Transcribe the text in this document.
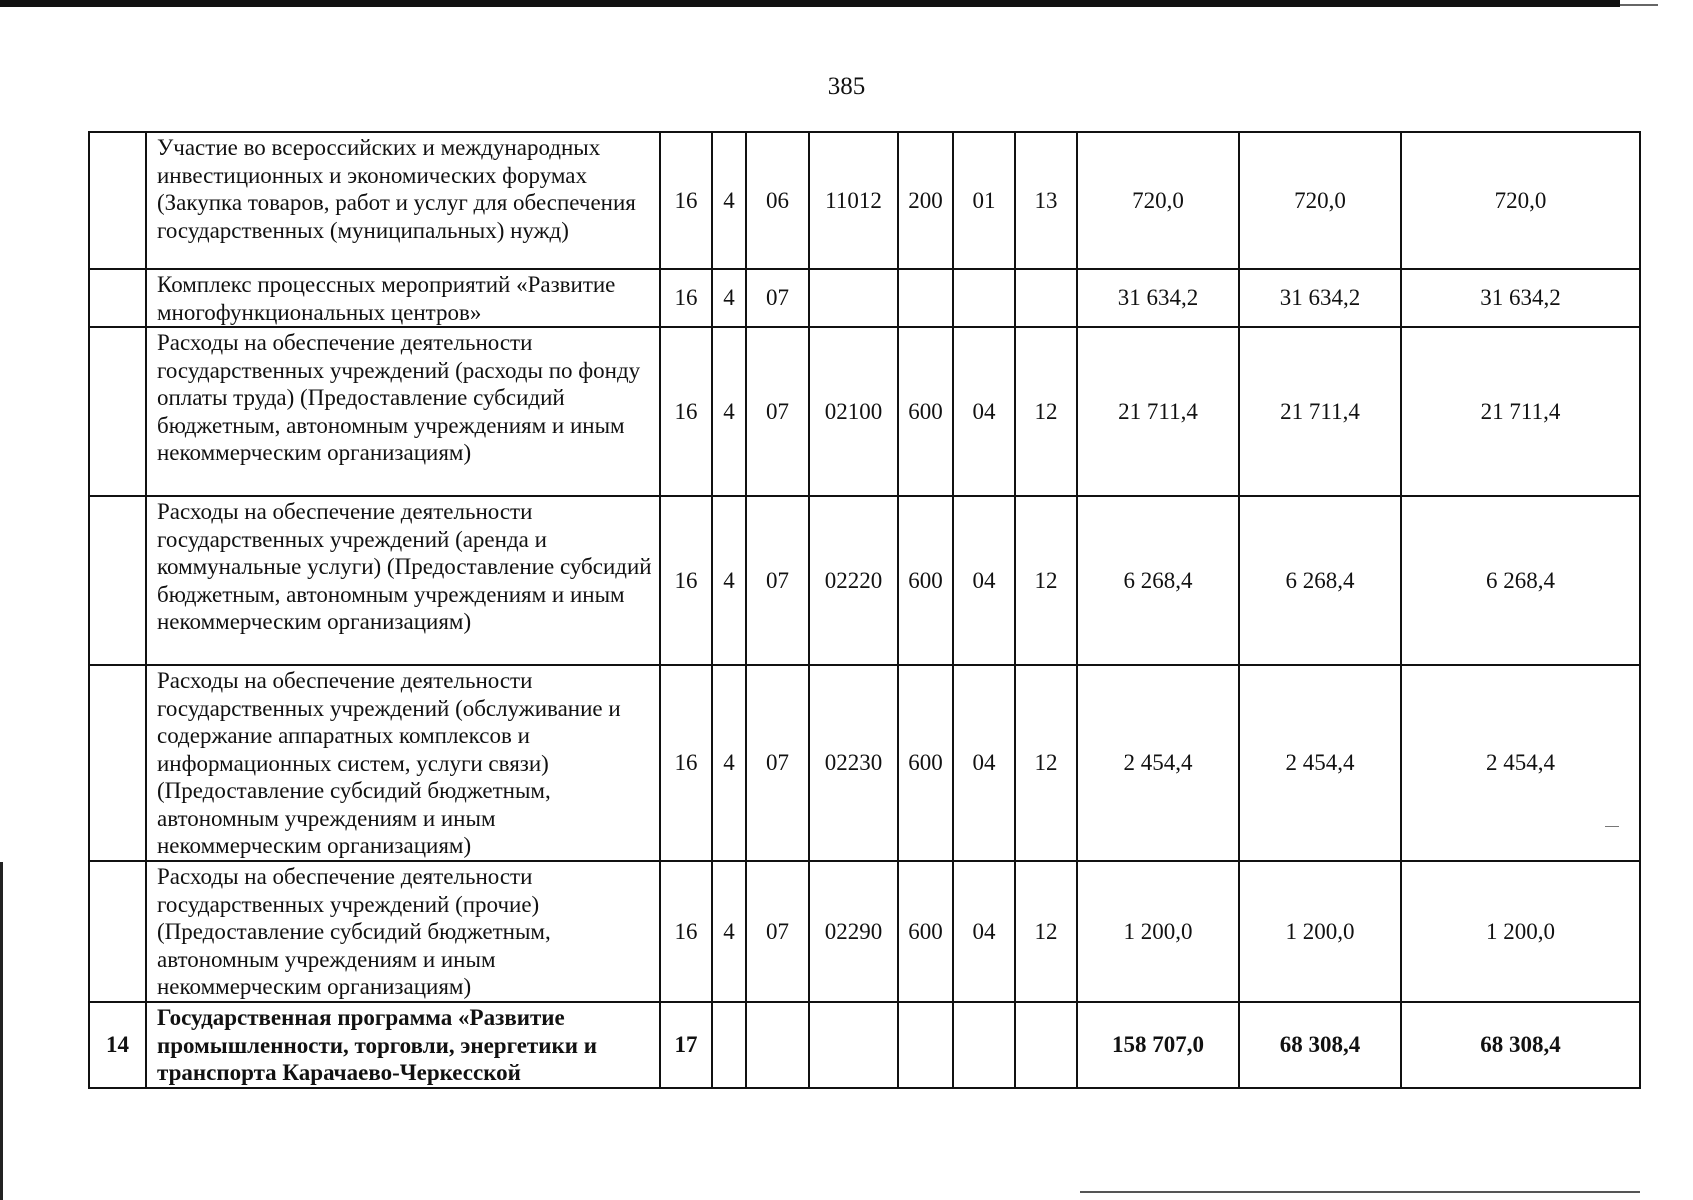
385
	Участие во всероссийских и международных инвестиционных и экономических форумах (Закупка товаров, работ и услуг для обеспечения государственных (муниципальных) нужд)	16	4	06	11012	200	01	13	720,0	720,0	720,0
	Комплекс процессных мероприятий «Развитие многофункциональных центров»	16	4	07					31 634,2	31 634,2	31 634,2
	Расходы на обеспечение деятельности государственных учреждений (расходы по фонду оплаты труда) (Предоставление субсидий бюджетным, автономным учреждениям и иным некоммерческим организациям)	16	4	07	02100	600	04	12	21 711,4	21 711,4	21 711,4
	Расходы на обеспечение деятельности государственных учреждений (аренда и коммунальные услуги) (Предоставление субсидий бюджетным, автономным учреждениям и иным некоммерческим организациям)	16	4	07	02220	600	04	12	6 268,4	6 268,4	6 268,4
	Расходы на обеспечение деятельности государственных учреждений (обслуживание и содержание аппаратных комплексов и информационных систем, услуги связи) (Предоставление субсидий бюджетным, автономным учреждениям и иным некоммерческим организациям)	16	4	07	02230	600	04	12	2 454,4	2 454,4	2 454,4
	Расходы на обеспечение деятельности государственных учреждений (прочие) (Предоставление субсидий бюджетным, автономным учреждениям и иным некоммерческим организациям)	16	4	07	02290	600	04	12	1 200,0	1 200,0	1 200,0
14	Государственная программа «Развитие промышленности, торговли, энергетики и транспорта Карачаево-Черкесской	17							158 707,0	68 308,4	68 308,4
